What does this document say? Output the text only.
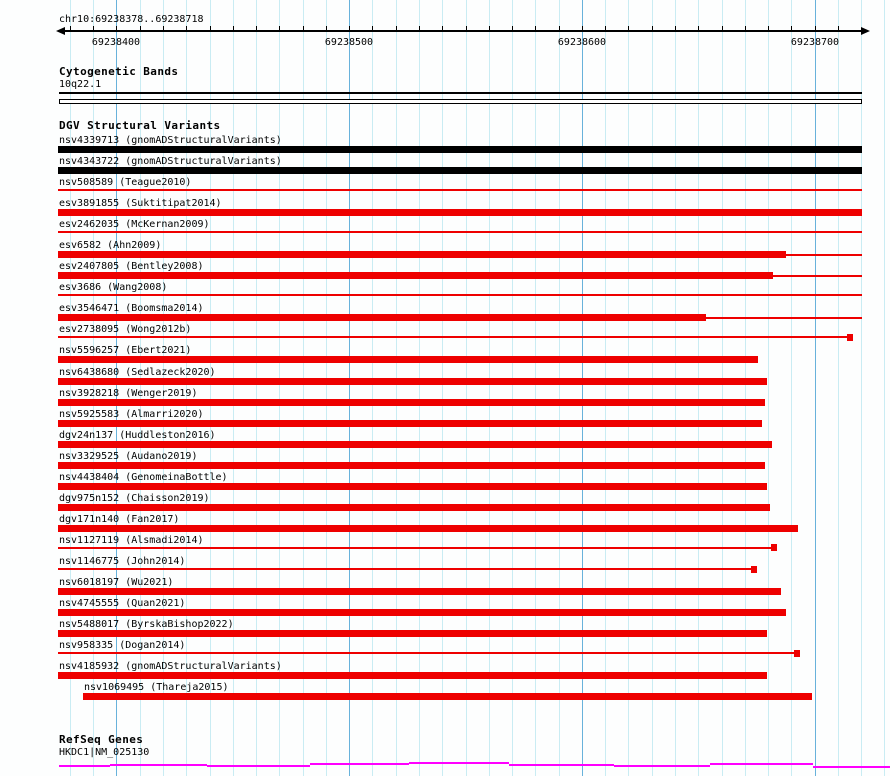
chr10:69238378..69238718
69238400	69238500	69238600	69238700
Cytogenetic Bands
10q22.1
DGV Structural Variants
nsv4339713 (gnomADStructuralVariants)
nsv4343722 (gnomADStructuralVariants)
nsv508589 (Teague2010)
esv3891855 (Suktitipat2014)
esv2462035 (McKernan2009)
esv6582 (Ahn2009)
esv2407805 (Bentley2008)
esv3686 (Wang2008)
esv3546471 (Boomsma2014)
esv2738095 (Wong2012b)
nsv5596257 (Ebert2021)
nsv6438680 (Sedlazeck2020)
nsv3928218 (Wenger2019)
nsv5925583 (Almarri2020)
dgv24n137 (Huddleston2016)
nsv3329525 (Audano2019)
nsv4438404 (GenomeinaBottle)
dgv975n152 (Chaisson2019)
dgv171n140 (Fan2017)
nsv1127119 (Alsmadi2014)
nsv1146775 (John2014)
nsv6018197 (Wu2021)
nsv4745555 (Quan2021)
nsv5488017 (ByrskaBishop2022)
nsv958335 (Dogan2014)
nsv4185932 (gnomADStructuralVariants)
nsv1069495 (Thareja2015)
RefSeq Genes
HKDC1|NM_025130
